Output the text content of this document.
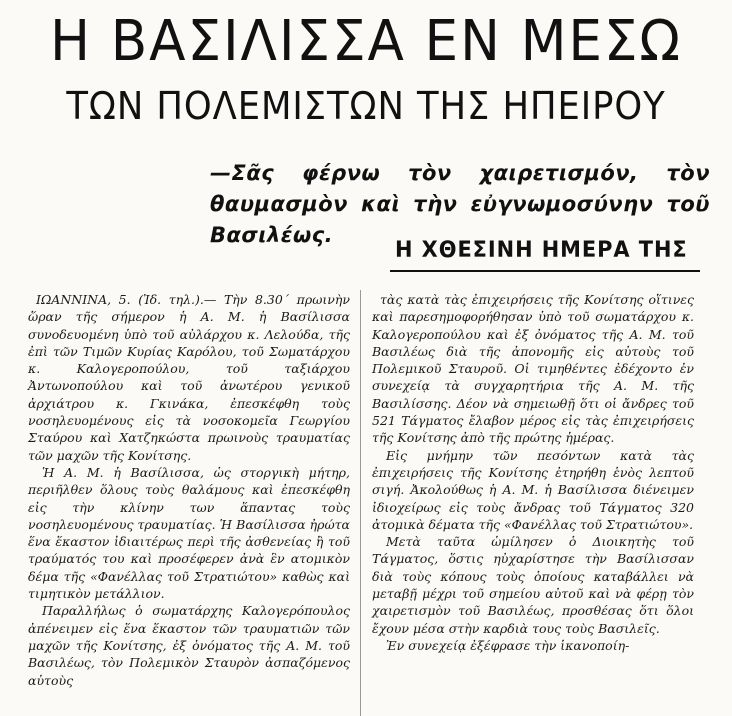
Η ΒΑΣΙΛΙΣΣΑ ΕΝ ΜΕΣΩ
ΤΩΝ ΠΟΛΕΜΙΣΤΩΝ ΤΗΣ ΗΠΕΙΡΟΥ
—Σᾶς φέρνω τὸν χαιρετισμόν, τὸν θαυμασμὸν καὶ τὴν εὐγνωμοσύνην τοῦ Βασιλέως.
Η ΧΘΕΣΙΝΗ ΗΜΕΡΑ ΤΗΣ

ΙΩΑΝΝΙΝΑ, 5. (Ἰδ. τηλ.).— Τὴν 8.30΄ πρωινὴν ὥραν τῆς σήμερον ἡ Α. Μ. ἡ Βασίλισσα συνοδευομένη ὑπὸ τοῦ αὐλάρχου κ. Λελούδα, τῆς ἐπὶ τῶν Τιμῶν Κυρίας Καρόλου, τοῦ Σωματάρχου κ. Καλογεροπούλου, τοῦ ταξιάρχου Ἀντωνοπούλου καὶ τοῦ ἀνωτέρου γενικοῦ ἀρχιάτρου κ. Γκινάκα, ἐπεσκέφθη τοὺς νοσηλευομένους εἰς τὰ νοσοκομεῖα Γεωργίου Σταύρου καὶ Χατζηκώστα πρωινοὺς τραυματίας τῶν μαχῶν τῆς Κονίτσης.

Ἡ Α. Μ. ἡ Βασίλισσα, ὡς στοργικὴ μήτηρ, περιῆλθεν ὅλους τοὺς θαλάμους καὶ ἐπεσκέφθη εἰς τὴν κλίνην των ἅπαντας τοὺς νοσηλευομένους τραυματίας. Ἡ Βασίλισσα ἠρώτα ἕνα ἕκαστον ἰδιαιτέρως περὶ τῆς ἀσθενείας ἢ τοῦ τραύματός του καὶ προσέφερεν ἀνὰ ἓν ατομικὸν δέμα τῆς «Φανέλλας τοῦ Στρατιώτου» καθὼς καὶ τιμητικὸν μετάλλιον.

Παραλλήλως ὁ σωματάρχης Καλογερόπουλος ἀπένειμεν εἰς ἕνα ἕκαστον τῶν τραυματιῶν τῶν μαχῶν τῆς Κονίτσης, ἐξ ὀνόματος τῆς Α. Μ. τοῦ Βασιλέως, τὸν Πολεμικὸν Σταυρὸν ἀσπαζόμενος αὐτοὺς

τὰς κατὰ τὰς ἐπιχειρήσεις τῆς Κονίτσης οἵτινες καὶ παρεσημοφορήθησαν ὑπὸ τοῦ σωματάρχου κ. Καλογεροπούλου καὶ ἐξ ὀνόματος τῆς Α. Μ. τοῦ Βασιλέως διὰ τῆς ἀπονομῆς εἰς αὐτοὺς τοῦ Πολεμικοῦ Σταυροῦ. Οἱ τιμηθέντες ἐδέχοντο ἐν συνεχείᾳ τὰ συγχαρητήρια τῆς Α. Μ. τῆς Βασιλίσσης. Δέον νὰ σημειωθῇ ὅτι οἱ ἄνδρες τοῦ 521 Τάγματος ἔλαβον μέρος εἰς τὰς ἐπιχειρήσεις τῆς Κονίτσης ἀπὸ τῆς πρώτης ἡμέρας.

Εἰς μνήμην τῶν πεσόντων κατὰ τὰς ἐπιχειρήσεις τῆς Κονίτσης ἐτηρήθη ἑνὸς λεπτοῦ σιγή. Ἀκολούθως ἡ Α. Μ. ἡ Βασίλισσα διένειμεν ἰδιοχείρως εἰς τοὺς ἄνδρας τοῦ Τάγματος 320 ἀτομικὰ δέματα τῆς «Φανέλλας τοῦ Στρατιώτου».

Μετὰ ταῦτα ὡμίλησεν ὁ Διοικητὴς τοῦ Τάγματος, ὅστις ηὐχαρίστησε τὴν Βασίλισσαν διὰ τοὺς κόπους τοὺς ὁποίους καταβάλλει νὰ μεταβῇ μέχρι τοῦ σημείου αὐτοῦ καὶ νὰ φέρῃ τὸν χαιρετισμὸν τοῦ Βασιλέως, προσθέσας ὅτι ὅλοι ἔχουν μέσα στὴν καρδιὰ τους τοὺς Βασιλεῖς.

Ἐν συνεχείᾳ ἐξέφρασε τὴν ἱκανοποίη-
